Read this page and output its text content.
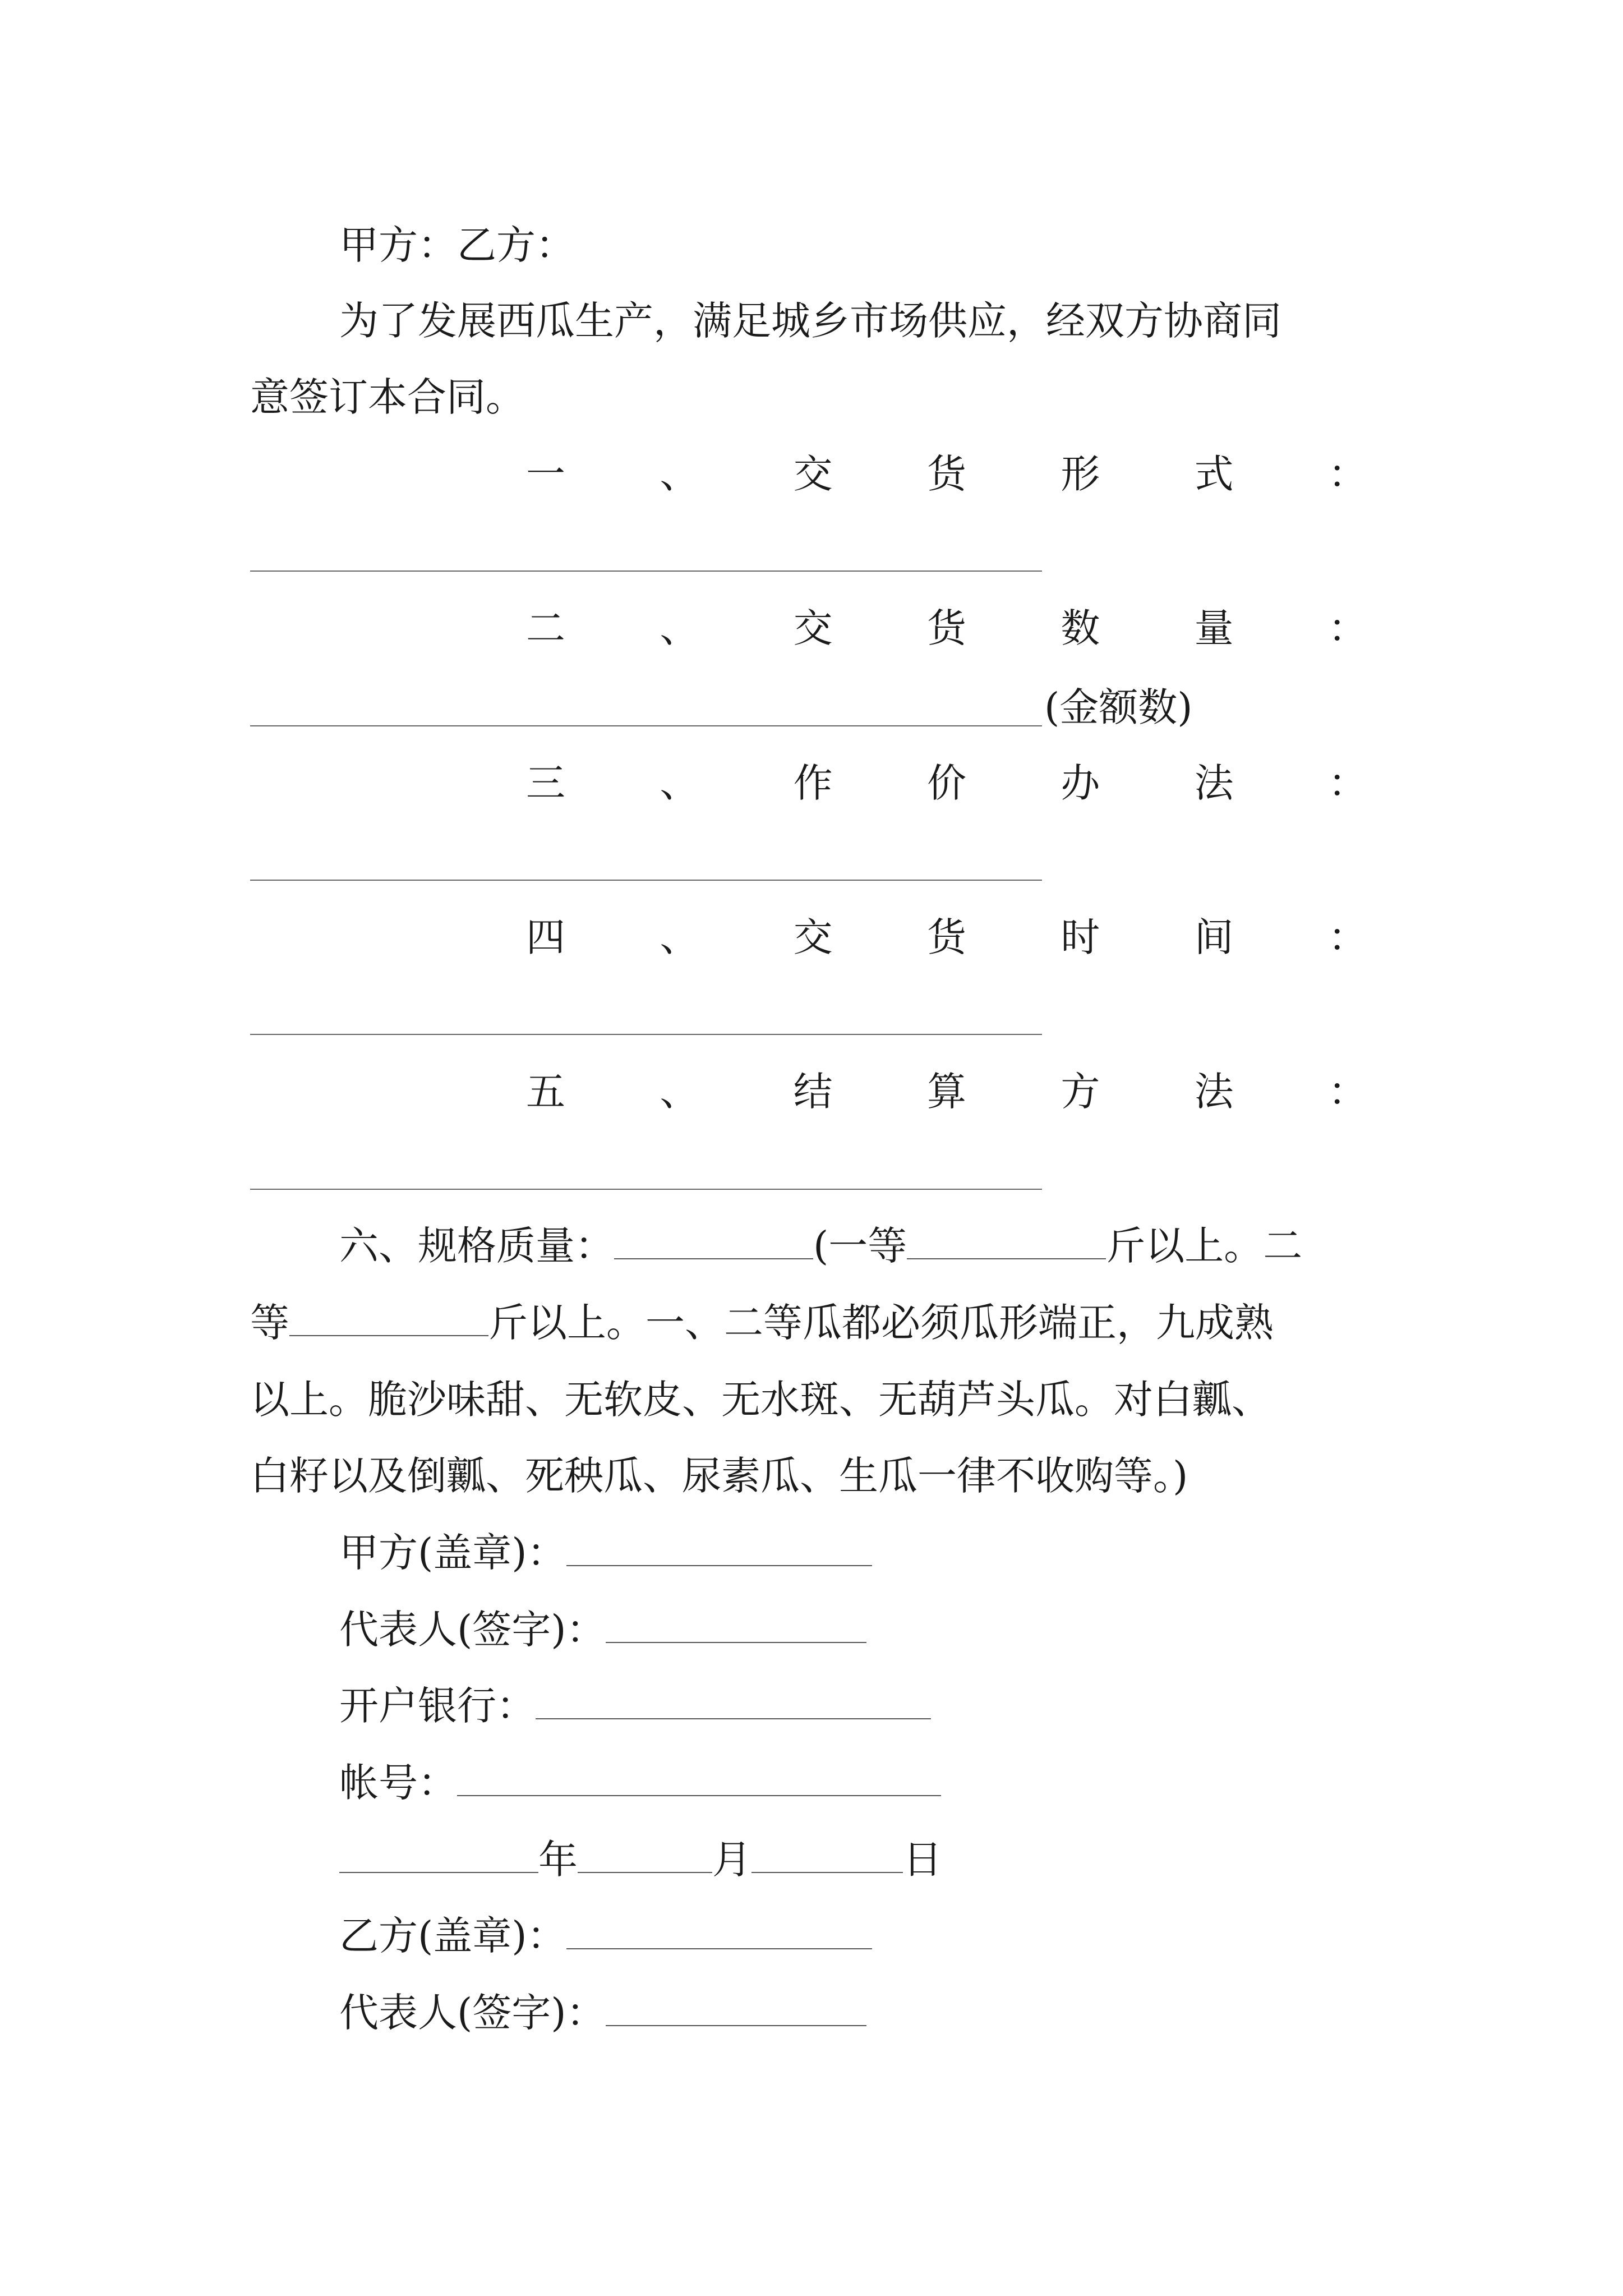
甲方：乙方：
为了发展西瓜生产，满足城乡市场供应，经双方协商同
意签订本合同。
一 、 交 货 形 式 ：
二 、 交 货 数 量 ：
(金额数)
三 、 作 价 办 法 ：
四 、 交 货 时 间 ：
五 、 结 算 方 法 ：
六、规格质量：	(一等	斤以上。二
等	斤以上。一、二等瓜都必须瓜形端正，九成熟
以上。脆沙味甜、无软皮、无水斑、无葫芦头瓜。对白瓤、
白籽以及倒瓤、死秧瓜、尿素瓜、生瓜一律不收购等。)
甲方(盖章)：
代表人(签字)：
开户银行：
帐号：
年	月	日
乙方(盖章)：
代表人(签字)：
